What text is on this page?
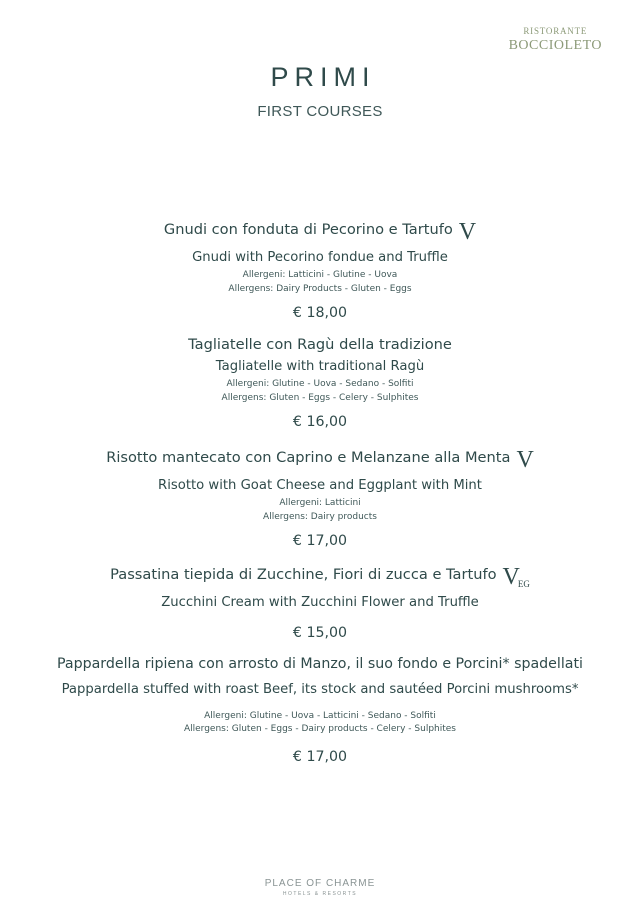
RISTORANTE
BOCCIOLETO
PRIMI
FIRST COURSES
Gnudi con fonduta di Pecorino e Tartufo V
Gnudi with Pecorino fondue and Truffle
Allergeni: Latticini - Glutine - Uova
Allergens: Dairy Products - Gluten - Eggs
€ 18,00
Tagliatelle con Ragù della tradizione
Tagliatelle with traditional Ragù
Allergeni: Glutine - Uova - Sedano - Solfiti
Allergens: Gluten - Eggs - Celery - Sulphites
€ 16,00
Risotto mantecato con Caprino e Melanzane alla Menta V
Risotto with Goat Cheese and Eggplant with Mint
Allergeni: Latticini
Allergens: Dairy products
€ 17,00
Passatina tiepida di Zucchine, Fiori di zucca e Tartufo $V_{EG}$
Zucchini Cream with Zucchini Flower and Truffle
€ 15,00
Pappardella ripiena con arrosto di Manzo, il suo fondo e Porcini* spadellati
Pappardella stuffed with roast Beef, its stock and sautéed Porcini mushrooms*
Allergeni: Glutine - Uova - Latticini - Sedano - Solfiti
Allergens: Gluten - Eggs - Dairy products - Celery - Sulphites
€ 17,00
PLACE OF CHARME
HOTELS & RESORTS
